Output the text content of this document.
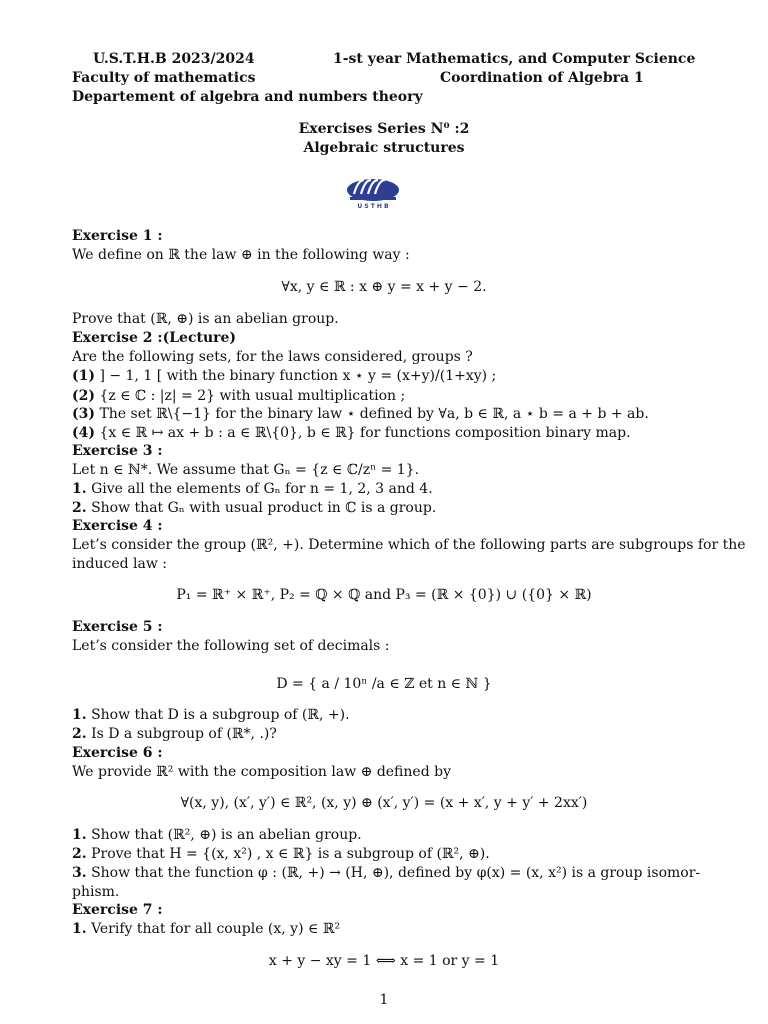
U.S.T.H.B 2023/2024	1-st year Mathematics, and Computer Science
Faculty of mathematics	Coordination of Algebra 1
Departement of algebra and numbers theory
Exercises Series N⁰ :2
Algebraic structures
U S T H B
Exercise 1 :
We define on ℝ the law ⊕ in the following way :
∀x, y ∈ ℝ : x ⊕ y = x + y − 2.
Prove that (ℝ, ⊕) is an abelian group.
Exercise 2 :(Lecture)
Are the following sets, for the laws considered, groups ?
(1) ] − 1, 1 [ with the binary function x ⋆ y = (x+y)/(1+xy) ;
(2) {z ∈ ℂ : |z| = 2} with usual multiplication ;
(3) The set ℝ\{−1} for the binary law ⋆ defined by ∀a, b ∈ ℝ, a ⋆ b = a + b + ab.
(4) {x ∈ ℝ ↦ ax + b : a ∈ ℝ\{0}, b ∈ ℝ} for functions composition binary map.
Exercise 3 :
Let n ∈ ℕ*. We assume that Gₙ = {z ∈ ℂ/zⁿ = 1}.
1. Give all the elements of Gₙ for n = 1, 2, 3 and 4.
2. Show that Gₙ with usual product in ℂ is a group.
Exercise 4 :
Let’s consider the group (ℝ², +). Determine which of the following parts are subgroups for the
induced law :
P₁ = ℝ⁺ × ℝ⁺, P₂ = ℚ × ℚ and P₃ = (ℝ × {0}) ∪ ({0} × ℝ)
Exercise 5 :
Let’s consider the following set of decimals :
D = { a / 10ⁿ /a ∈ ℤ et n ∈ ℕ }
1. Show that D is a subgroup of (ℝ, +).
2. Is D a subgroup of (ℝ*, .)?
Exercise 6 :
We provide ℝ² with the composition law ⊕ defined by
∀(x, y), (x′, y′) ∈ ℝ², (x, y) ⊕ (x′, y′) = (x + x′, y + y′ + 2xx′)
1. Show that (ℝ², ⊕) is an abelian group.
2. Prove that H = {(x, x²) , x ∈ ℝ} is a subgroup of (ℝ², ⊕).
3. Show that the function φ : (ℝ, +) → (H, ⊕), defined by φ(x) = (x, x²) is a group isomor-
phism.
Exercise 7 :
1. Verify that for all couple (x, y) ∈ ℝ²
x + y − xy = 1 ⟺ x = 1 or y = 1
1
